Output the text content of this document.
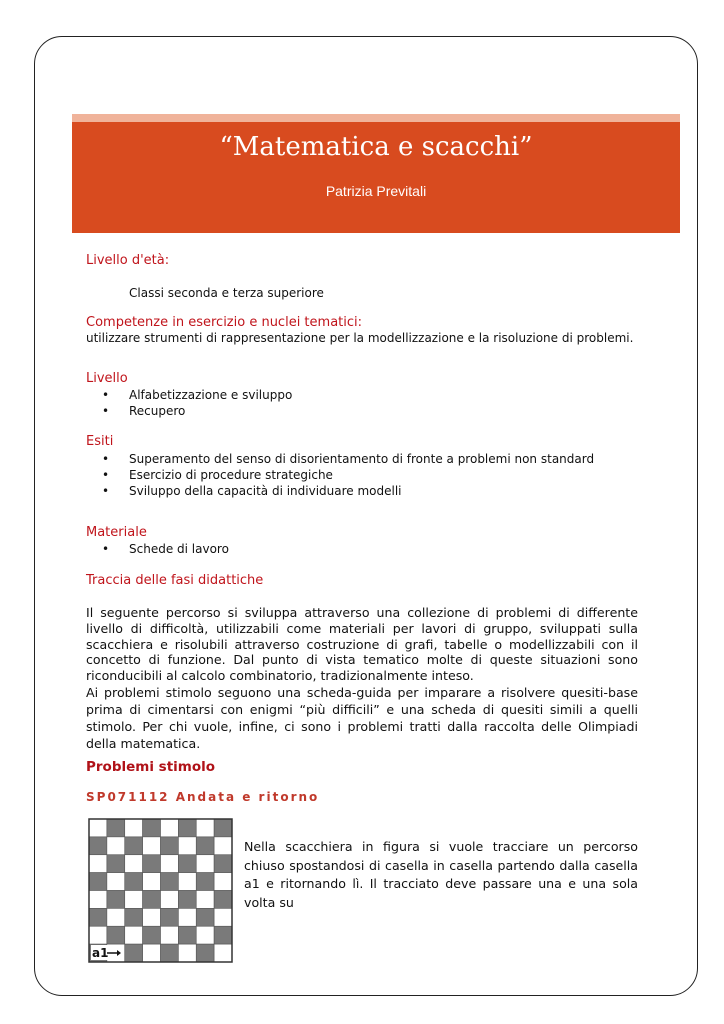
“Matematica e scacchi”
Patrizia Previtali
Livello d'età:
Classi seconda e terza superiore
Competenze in esercizio e nuclei tematici:
utilizzare strumenti di rappresentazione per la modellizzazione e la risoluzione di problemi.
Livello
• Alfabetizzazione e sviluppo
• Recupero
Esiti
• Superamento del senso di disorientamento di fronte a problemi non standard
• Esercizio di procedure strategiche
• Sviluppo della capacità di individuare modelli
Materiale
• Schede di lavoro
Traccia delle fasi didattiche
Il seguente percorso si sviluppa attraverso una collezione di problemi di differente livello di difficoltà, utilizzabili come materiali per lavori di gruppo, sviluppati sulla scacchiera e risolubili attraverso costruzione di grafi, tabelle o modellizzabili con il concetto di funzione. Dal punto di vista tematico molte di queste situazioni sono riconducibili al calcolo combinatorio, tradizionalmente inteso.
Ai problemi stimolo seguono una scheda-guida per imparare a risolvere quesiti-base prima di cimentarsi con enigmi “più difficili” e una scheda di quesiti simili a quelli stimolo. Per chi vuole, infine, ci sono i problemi tratti dalla raccolta delle Olimpiadi della matematica.
Problemi stimolo
SP071112 Andata e ritorno
a1
Nella scacchiera in figura si vuole tracciare un percorso chiuso spostandosi di casella in casella partendo dalla casella a1 e ritornando lì. Il tracciato deve passare una e una sola volta su
